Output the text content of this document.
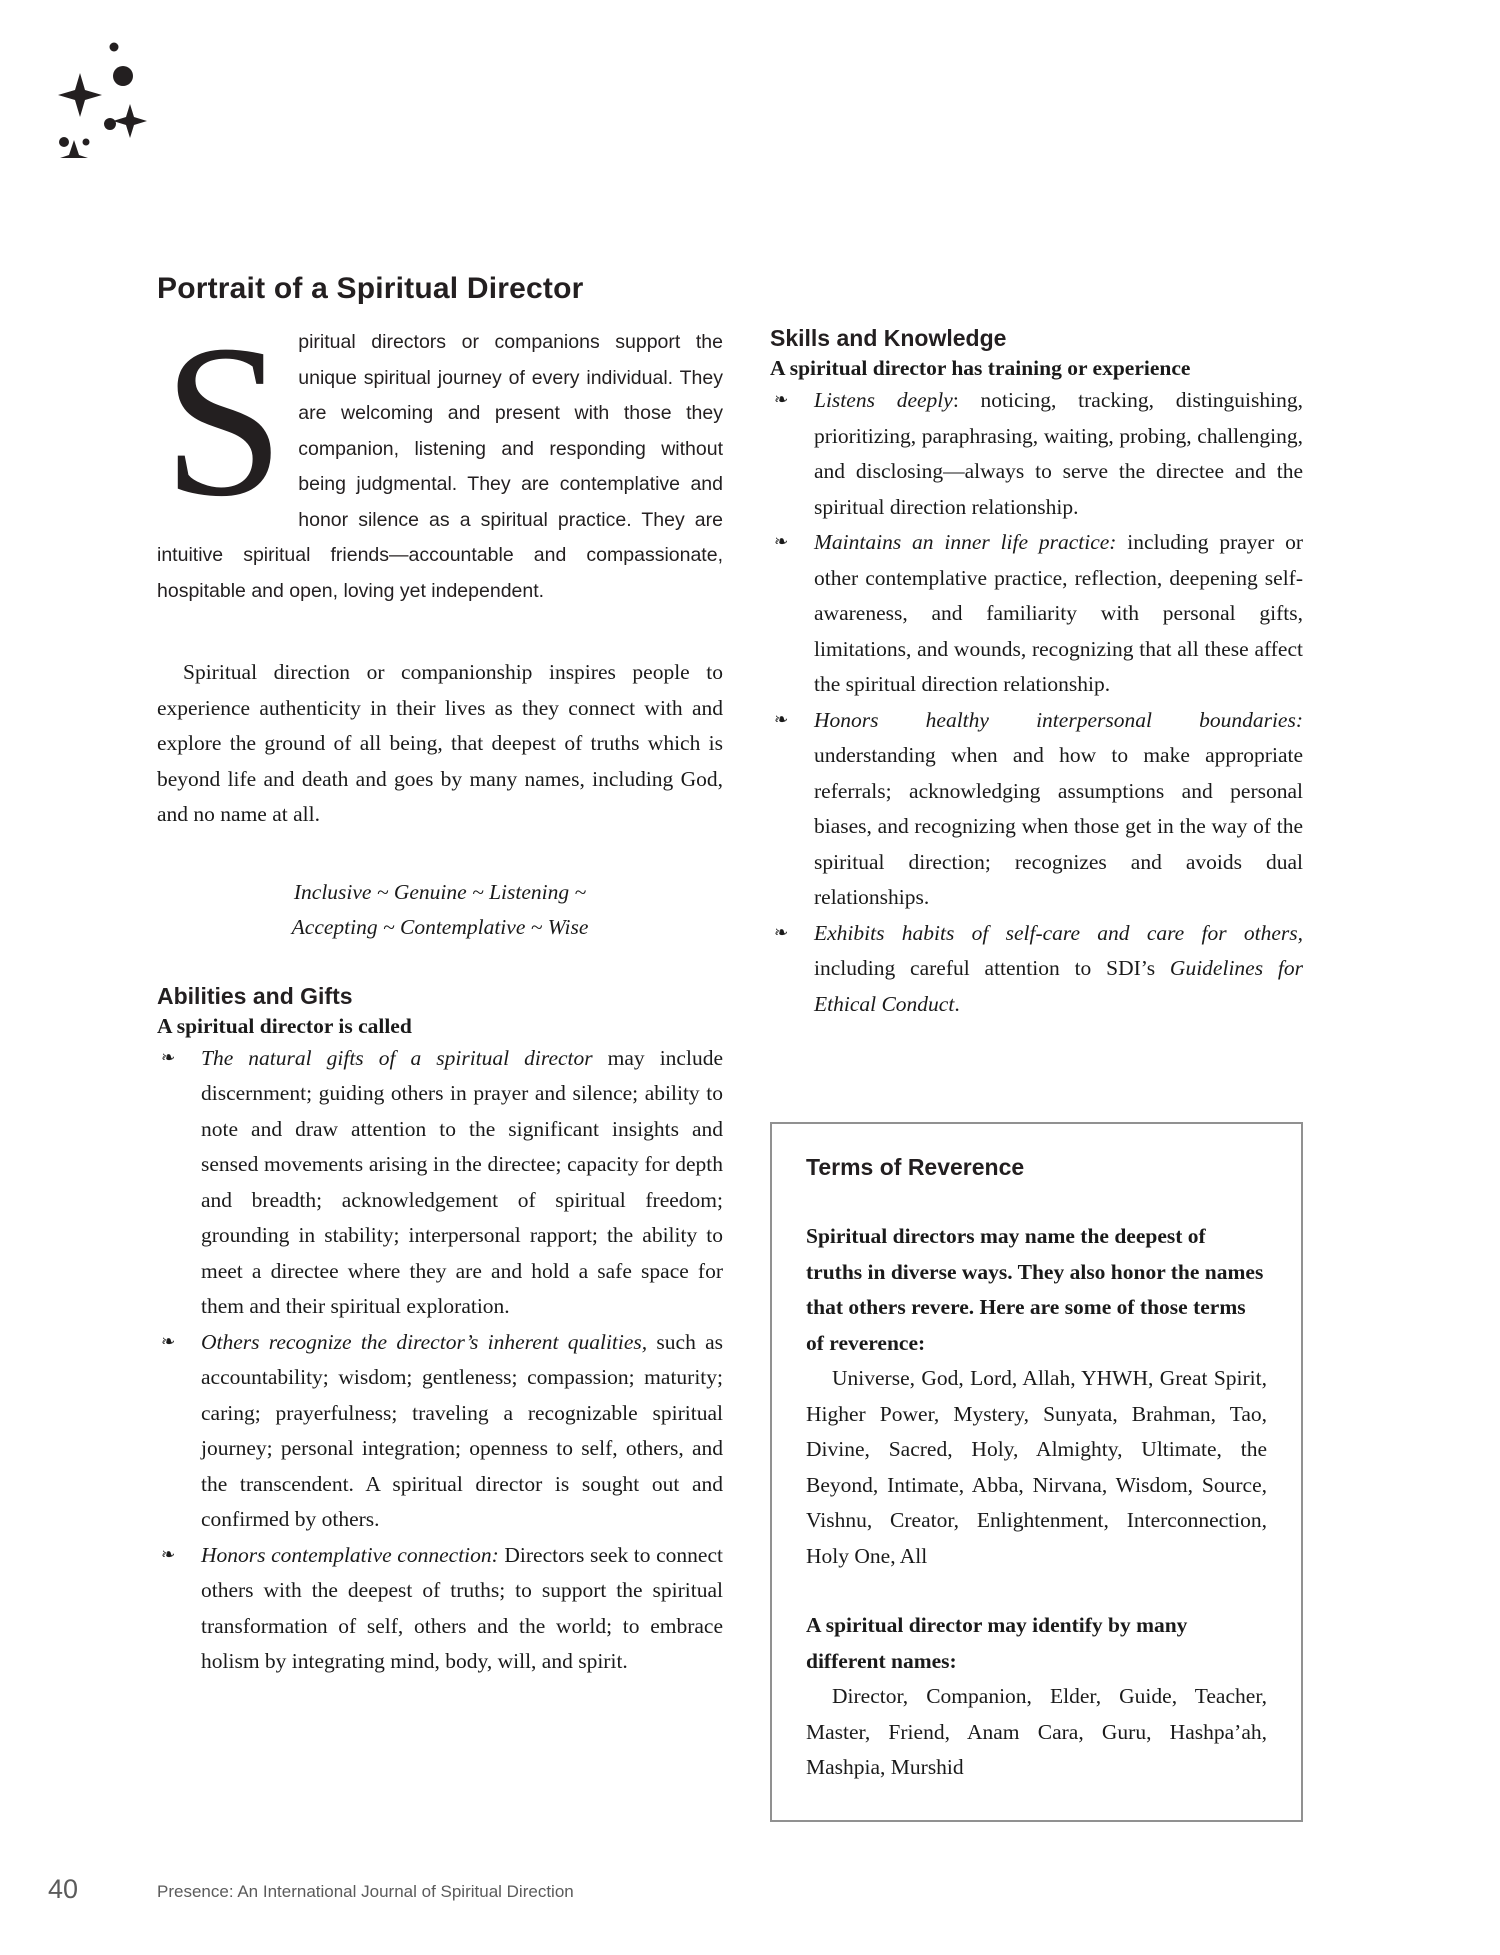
Portrait of a Spiritual Director
Spiritual directors or companions support the unique spiritual journey of every individual. They are welcoming and present with those they companion, listening and responding without being judgmental. They are contemplative and honor silence as a spiritual practice. They are intuitive spiritual friends—accountable and compassionate, hospitable and open, loving yet independent.

Spiritual direction or companionship inspires people to experience authenticity in their lives as they connect with and explore the ground of all being, that deepest of truths which is beyond life and death and goes by many names, including God, and no name at all.

Inclusive ~ Genuine ~ Listening ~
Accepting ~ Contemplative ~ Wise
Abilities and Gifts
A spiritual director is called
❧ The natural gifts of a spiritual director may include discernment; guiding others in prayer and silence; ability to note and draw attention to the significant insights and sensed movements arising in the directee; capacity for depth and breadth; acknowledgement of spiritual freedom; grounding in stability; interpersonal rapport; the ability to meet a directee where they are and hold a safe space for them and their spiritual exploration.
❧ Others recognize the director’s inherent qualities, such as accountability; wisdom; gentleness; compassion; maturity; caring; prayerfulness; traveling a recognizable spiritual journey; personal integration; openness to self, others, and the transcendent. A spiritual director is sought out and confirmed by others.
❧ Honors contemplative connection: Directors seek to connect others with the deepest of truths; to support the spiritual transformation of self, others and the world; to embrace holism by integrating mind, body, will, and spirit.
Skills and Knowledge
A spiritual director has training or experience
❧ Listens deeply: noticing, tracking, distinguishing, prioritizing, paraphrasing, waiting, probing, challenging, and disclosing—always to serve the directee and the spiritual direction relationship.
❧ Maintains an inner life practice: including prayer or other contemplative practice, reflection, deepening self-awareness, and familiarity with personal gifts, limitations, and wounds, recognizing that all these affect the spiritual direction relationship.
❧ Honors healthy interpersonal boundaries: understanding when and how to make appropriate referrals; acknowledging assumptions and personal biases, and recognizing when those get in the way of the spiritual direction; recognizes and avoids dual relationships.
❧ Exhibits habits of self-care and care for others, including careful attention to SDI’s Guidelines for Ethical Conduct.
Terms of Reverence

Spiritual directors may name the deepest of truths in diverse ways. They also honor the names that others revere. Here are some of those terms of reverence:

Universe, God, Lord, Allah, YHWH, Great Spirit, Higher Power, Mystery, Sunyata, Brahman, Tao, Divine, Sacred, Holy, Almighty, Ultimate, the Beyond, Intimate, Abba, Nirvana, Wisdom, Source, Vishnu, Creator, Enlightenment, Interconnection, Holy One, All

A spiritual director may identify by many different names:

Director, Companion, Elder, Guide, Teacher, Master, Friend, Anam Cara, Guru, Hashpa’ah, Mashpia, Murshid

40	Presence: An International Journal of Spiritual Direction
